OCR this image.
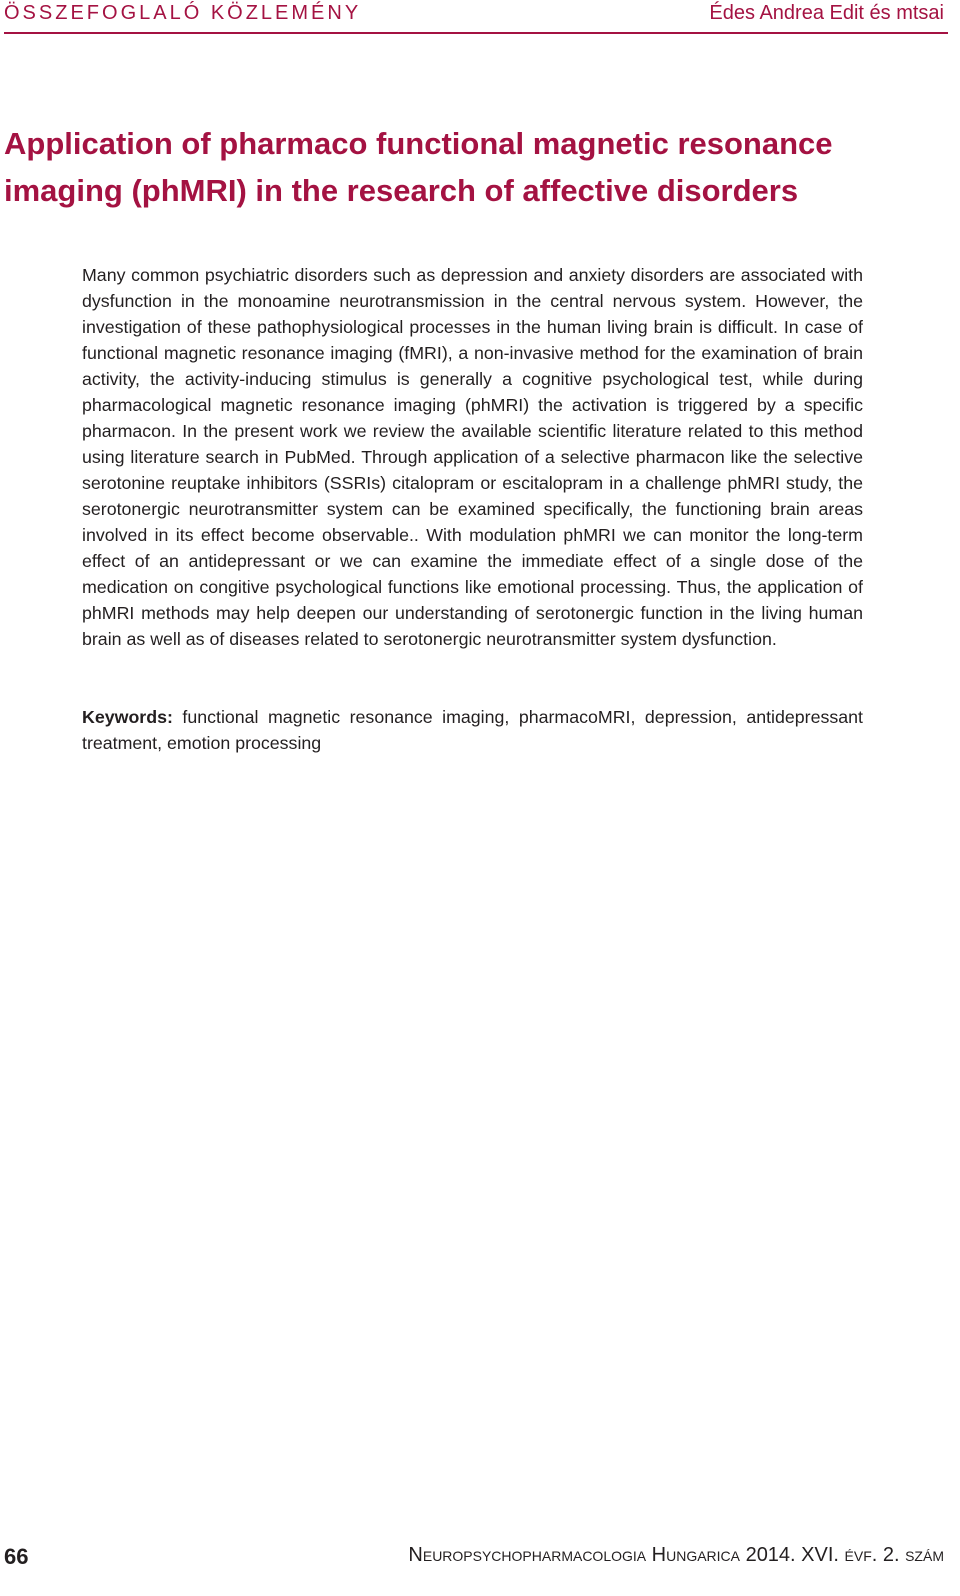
ÖSSZEFOGLALÓ KÖZLEMÉNY	Édes Andrea Edit és mtsai
Application of pharmaco functional magnetic resonance imaging (phMRI) in the research of affective disorders

Many common psychiatric disorders such as depression and anxiety disorders are associated with dysfunction in the monoamine neurotransmission in the central nervous system. However, the investigation of these pathophysiological processes in the human living brain is difficult. In case of functional magnetic resonance imaging (fMRI), a non-invasive method for the examination of brain activity, the activity-inducing stimulus is generally a cognitive psychological test, while during pharmacological magnetic resonance imaging (phMRI) the activation is triggered by a specific pharmacon. In the present work we review the available scientific literature related to this method using literature search in PubMed. Through application of a selective pharmacon like the selective serotonine reuptake inhibitors (SSRIs) citalopram or escitalopram in a challenge phMRI study, the serotonergic neurotransmitter system can be examined specifically, the functioning brain areas involved in its effect become observable.. With modulation phMRI we can monitor the long-term effect of an antidepressant or we can examine the immediate effect of a single dose of the medication on congitive psychological functions like emotional processing. Thus, the application of phMRI methods may help deepen our understanding of serotonergic function in the living human brain as well as of diseases related to serotonergic neurotransmitter system dysfunction.

Keywords: functional magnetic resonance imaging, pharmacoMRI, depression, antidepressant treatment, emotion processing

66	Neuropsychopharmacologia Hungarica 2014. XVI. évf. 2. szám
